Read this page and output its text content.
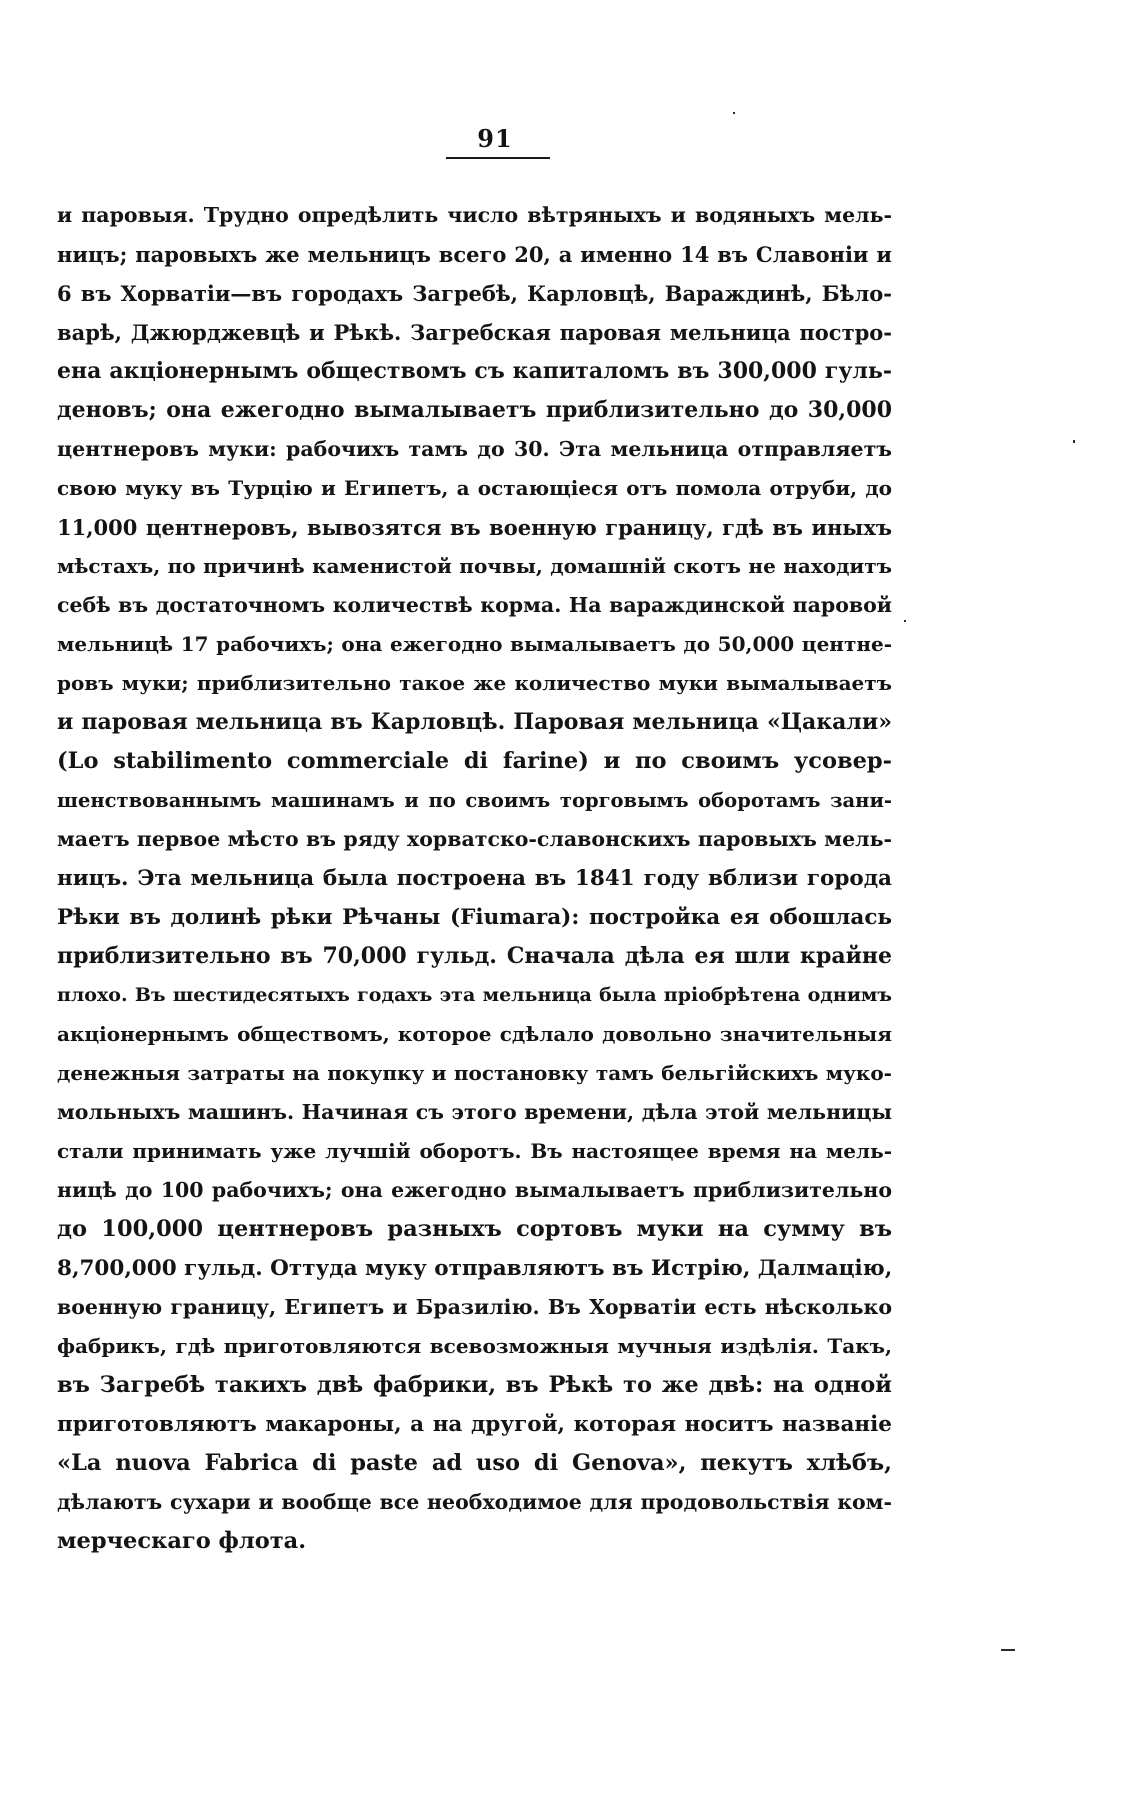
91
и паровыя. Трудно опредѣлить число вѣтряныхъ и водяныхъ мель-
ницъ; паровыхъ же мельницъ всего 20, а именно 14 въ Славоніи и
6 въ Хорватіи—въ городахъ Загребѣ, Карловцѣ, Вараждинѣ, Бѣло-
варѣ, Джюрджевцѣ и Рѣкѣ. Загребская паровая мельница постро-
ена акціонернымъ обществомъ съ капиталомъ въ 300,000 гуль-
деновъ; она ежегодно вымалываетъ приблизительно до 30,000
центнеровъ муки: рабочихъ тамъ до 30. Эта мельница отправляетъ
свою муку въ Турцію и Египетъ, а остающіеся отъ помола отруби, до
11,000 центнеровъ, вывозятся въ военную границу, гдѣ въ иныхъ
мѣстахъ, по причинѣ каменистой почвы, домашній скотъ не находитъ
себѣ въ достаточномъ количествѣ корма. На вараждинской паровой
мельницѣ 17 рабочихъ; она ежегодно вымалываетъ до 50,000 центне-
ровъ муки; приблизительно такое же количество муки вымалываетъ
и паровая мельница въ Карловцѣ. Паровая мельница «Цакали»
(Lo stabilimento commerciale di farine) и по своимъ усовер-
шенствованнымъ машинамъ и по своимъ торговымъ оборотамъ зани-
маетъ первое мѣсто въ ряду хорватско-славонскихъ паровыхъ мель-
ницъ. Эта мельница была построена въ 1841 году вблизи города
Рѣки въ долинѣ рѣки Рѣчаны (Fiumara): постройка ея обошлась
приблизительно въ 70,000 гульд. Сначала дѣла ея шли крайне
плохо. Въ шестидесятыхъ годахъ эта мельница была пріобрѣтена однимъ
акціонернымъ обществомъ, которое сдѣлало довольно значительныя
денежныя затраты на покупку и постановку тамъ бельгійскихъ муко-
мольныхъ машинъ. Начиная съ этого времени, дѣла этой мельницы
стали принимать уже лучшій оборотъ. Въ настоящее время на мель-
ницѣ до 100 рабочихъ; она ежегодно вымалываетъ приблизительно
до 100,000 центнеровъ разныхъ сортовъ муки на сумму въ
8,700,000 гульд. Оттуда муку отправляютъ въ Истрію, Далмацію,
военную границу, Египетъ и Бразилію. Въ Хорватіи есть нѣсколько
фабрикъ, гдѣ приготовляются всевозможныя мучныя издѣлія. Такъ,
въ Загребѣ такихъ двѣ фабрики, въ Рѣкѣ то же двѣ: на одной
приготовляютъ макароны, а на другой, которая носитъ названіе
«La nuova Fabrica di paste ad uso di Genova», пекутъ хлѣбъ,
дѣлаютъ сухари и вообще все необходимое для продовольствія ком-
мерческаго флота.
